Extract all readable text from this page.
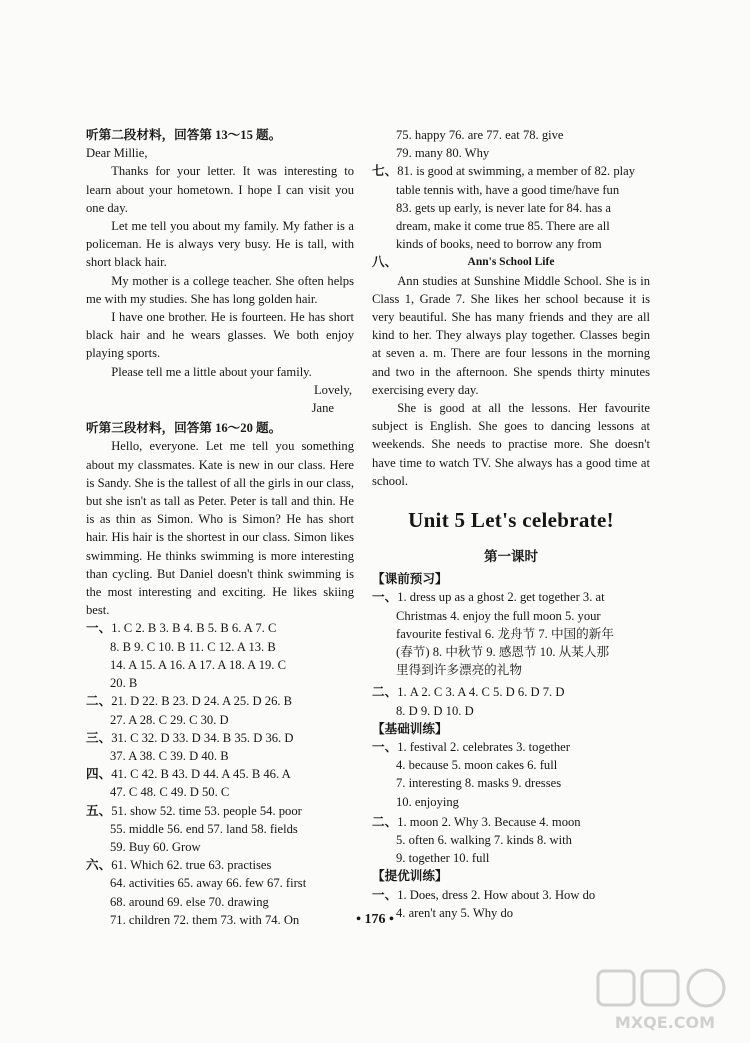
听第二段材料，回答第 13～15 题。

Dear Millie,

Thanks for your letter. It was interesting to learn about your hometown. I hope I can visit you one day.

Let me tell you about my family. My father is a policeman. He is always very busy. He is tall, with short black hair.

My mother is a college teacher. She often helps me with my studies. She has long golden hair.

I have one brother. He is fourteen. He has short black hair and he wears glasses. We both enjoy playing sports.

Please tell me a little about your family.

Lovely,

Jane

听第三段材料，回答第 16～20 题。

Hello, everyone. Let me tell you something about my classmates. Kate is new in our class. Here is Sandy. She is the tallest of all the girls in our class, but she isn't as tall as Peter. Peter is tall and thin. He is as thin as Simon. Who is Simon? He has short hair. His hair is the shortest in our class. Simon likes swimming. He thinks swimming is more interesting than cycling. But Daniel doesn't think swimming is the most interesting and exciting. He likes skiing best.

一、1. C 2. B 3. B 4. B 5. B 6. A 7. C

8. B 9. C 10. B 11. C 12. A 13. B

14. A 15. A 16. A 17. A 18. A 19. C

20. B

二、21. D 22. B 23. D 24. A 25. D 26. B

27. A 28. C 29. C 30. D

三、31. C 32. D 33. D 34. B 35. D 36. D

37. A 38. C 39. D 40. B

四、41. C 42. B 43. D 44. A 45. B 46. A

47. C 48. C 49. D 50. C

五、51. show 52. time 53. people 54. poor

55. middle 56. end 57. land 58. fields

59. Buy 60. Grow

六、61. Which 62. true 63. practises

64. activities 65. away 66. few 67. first

68. around 69. else 70. drawing

71. children 72. them 73. with 74. On

75. happy 76. are 77. eat 78. give

79. many 80. Why

七、81. is good at swimming, a member of 82. play

table tennis with, have a good time/have fun

83. gets up early, is never late for 84. has a

dream, make it come true 85. There are all

kinds of books, need to borrow any from

八、	Ann's School Life

Ann studies at Sunshine Middle School. She is in Class 1, Grade 7. She likes her school because it is very beautiful. She has many friends and they are all kind to her. They always play together. Classes begin at seven a. m. There are four lessons in the morning and two in the afternoon. She spends thirty minutes exercising every day.

She is good at all the lessons. Her favourite subject is English. She goes to dancing lessons at weekends. She needs to practise more. She doesn't have time to watch TV. She always has a good time at school.

Unit 5 Let's celebrate!

第一课时

【课前预习】

一、1. dress up as a ghost 2. get together 3. at

Christmas 4. enjoy the full moon 5. your

favourite festival 6. 龙舟节 7. 中国的新年

(春节) 8. 中秋节 9. 感恩节 10. 从某人那

里得到许多漂亮的礼物

二、1. A 2. C 3. A 4. C 5. D 6. D 7. D

8. D 9. D 10. D

【基础训练】

一、1. festival 2. celebrates 3. together

4. because 5. moon cakes 6. full

7. interesting 8. masks 9. dresses

10. enjoying

二、1. moon 2. Why 3. Because 4. moon

5. often 6. walking 7. kinds 8. with

9. together 10. full

【提优训练】

一、1. Does, dress 2. How about 3. How do

4. aren't any 5. Why do

• 176 •
MXQE.COM
